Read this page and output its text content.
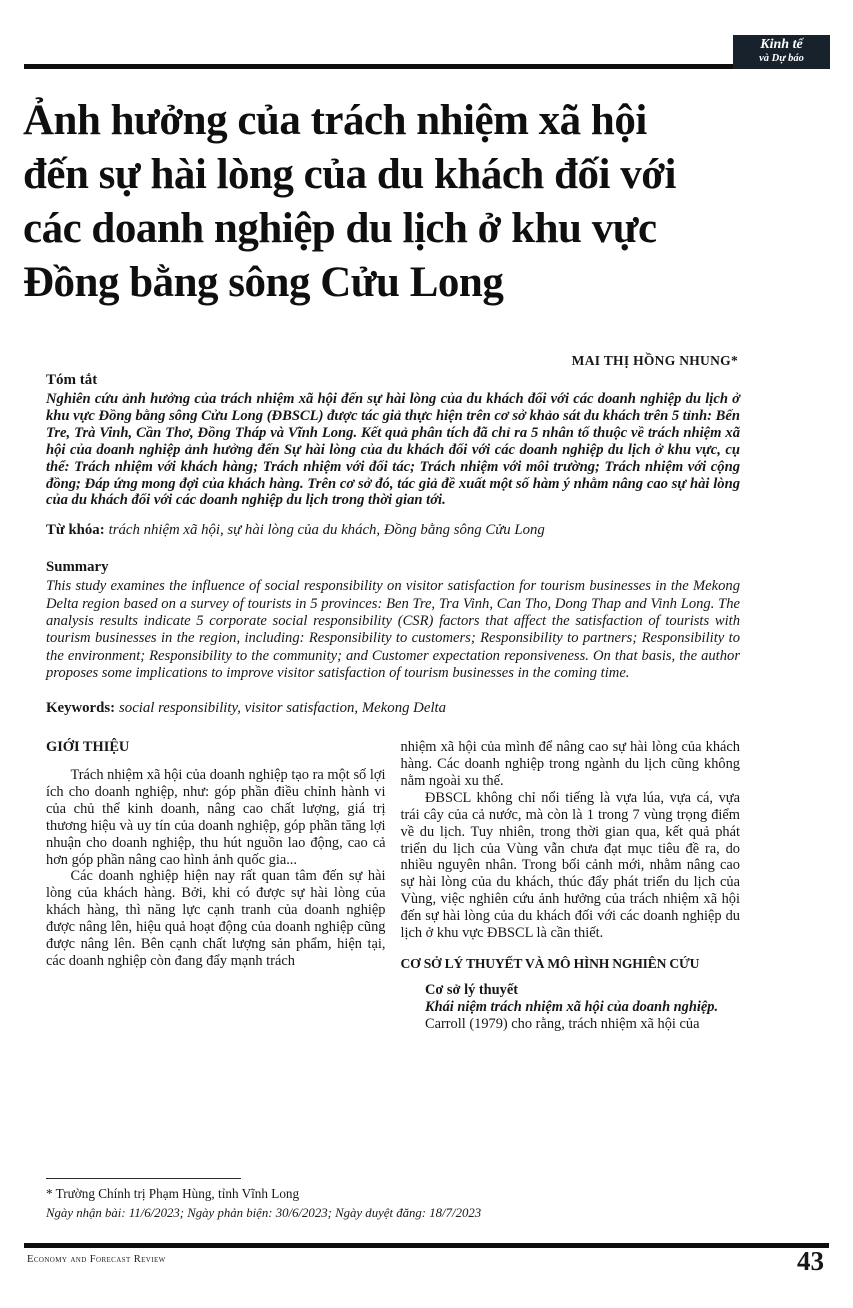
Kinh tế
và Dự báo
Ảnh hưởng của trách nhiệm xã hội
đến sự hài lòng của du khách đối với
các doanh nghiệp du lịch ở khu vực
Đồng bằng sông Cửu Long
MAI THỊ HỒNG NHUNG*

Tóm tắt

Nghiên cứu ảnh hưởng của trách nhiệm xã hội đến sự hài lòng của du khách đối với các doanh nghiệp du lịch ở khu vực Đồng bằng sông Cửu Long (ĐBSCL) được tác giả thực hiện trên cơ sở khảo sát du khách trên 5 tỉnh: Bến Tre, Trà Vinh, Cần Thơ, Đồng Tháp và Vĩnh Long. Kết quả phân tích đã chỉ ra 5 nhân tố thuộc về trách nhiệm xã hội của doanh nghiệp ảnh hưởng đến Sự hài lòng của du khách đối với các doanh nghiệp du lịch ở khu vực, cụ thể: Trách nhiệm với khách hàng; Trách nhiệm với đối tác; Trách nhiệm với môi trường; Trách nhiệm với cộng đồng; Đáp ứng mong đợi của khách hàng. Trên cơ sở đó, tác giả đề xuất một số hàm ý nhằm nâng cao sự hài lòng của du khách đối với các doanh nghiệp du lịch trong thời gian tới.

Từ khóa: trách nhiệm xã hội, sự hài lòng của du khách, Đồng bằng sông Cửu Long

Summary

This study examines the influence of social responsibility on visitor satisfaction for tourism businesses in the Mekong Delta region based on a survey of tourists in 5 provinces: Ben Tre, Tra Vinh, Can Tho, Dong Thap and Vinh Long. The analysis results indicate 5 corporate social responsibility (CSR) factors that affect the satisfaction of tourists with tourism businesses in the region, including: Responsibility to customers; Responsibility to partners; Responsibility to the environment; Responsibility to the community; and Customer expectation reponsiveness. On that basis, the author proposes some implications to improve visitor satisfaction of tourism businesses in the coming time.

Keywords: social responsibility, visitor satisfaction, Mekong Delta

GIỚI THIỆU

Trách nhiệm xã hội của doanh nghiệp tạo ra một số lợi ích cho doanh nghiệp, như: góp phần điều chỉnh hành vi của chủ thể kinh doanh, nâng cao chất lượng, giá trị thương hiệu và uy tín của doanh nghiệp, góp phần tăng lợi nhuận cho doanh nghiệp, thu hút nguồn lao động, cao cả hơn góp phần nâng cao hình ảnh quốc gia...

Các doanh nghiệp hiện nay rất quan tâm đến sự hài lòng của khách hàng. Bởi, khi có được sự hài lòng của khách hàng, thì năng lực cạnh tranh của doanh nghiệp được nâng lên, hiệu quả hoạt động của doanh nghiệp cũng được nâng lên. Bên cạnh chất lượng sản phẩm, hiện tại, các doanh nghiệp còn đang đẩy mạnh trách

nhiệm xã hội của mình để nâng cao sự hài lòng của khách hàng. Các doanh nghiệp trong ngành du lịch cũng không nằm ngoài xu thế.

ĐBSCL không chỉ nổi tiếng là vựa lúa, vựa cá, vựa trái cây của cả nước, mà còn là 1 trong 7 vùng trọng điểm về du lịch. Tuy nhiên, trong thời gian qua, kết quả phát triển du lịch của Vùng vẫn chưa đạt mục tiêu đề ra, do nhiều nguyên nhân. Trong bối cảnh mới, nhằm nâng cao sự hài lòng của du khách, thúc đẩy phát triển du lịch của Vùng, việc nghiên cứu ảnh hưởng của trách nhiệm xã hội đến sự hài lòng của du khách đối với các doanh nghiệp du lịch ở khu vực ĐBSCL là cần thiết.

CƠ SỞ LÝ THUYẾT VÀ MÔ HÌNH NGHIÊN CỨU

Cơ sở lý thuyết

Khái niệm trách nhiệm xã hội của doanh nghiệp.

Carroll (1979) cho rằng, trách nhiệm xã hội của

* Trường Chính trị Phạm Hùng, tỉnh Vĩnh Long

Ngày nhận bài: 11/6/2023; Ngày phản biện: 30/6/2023; Ngày duyệt đăng: 18/7/2023

Economy and Forecast Review	43
